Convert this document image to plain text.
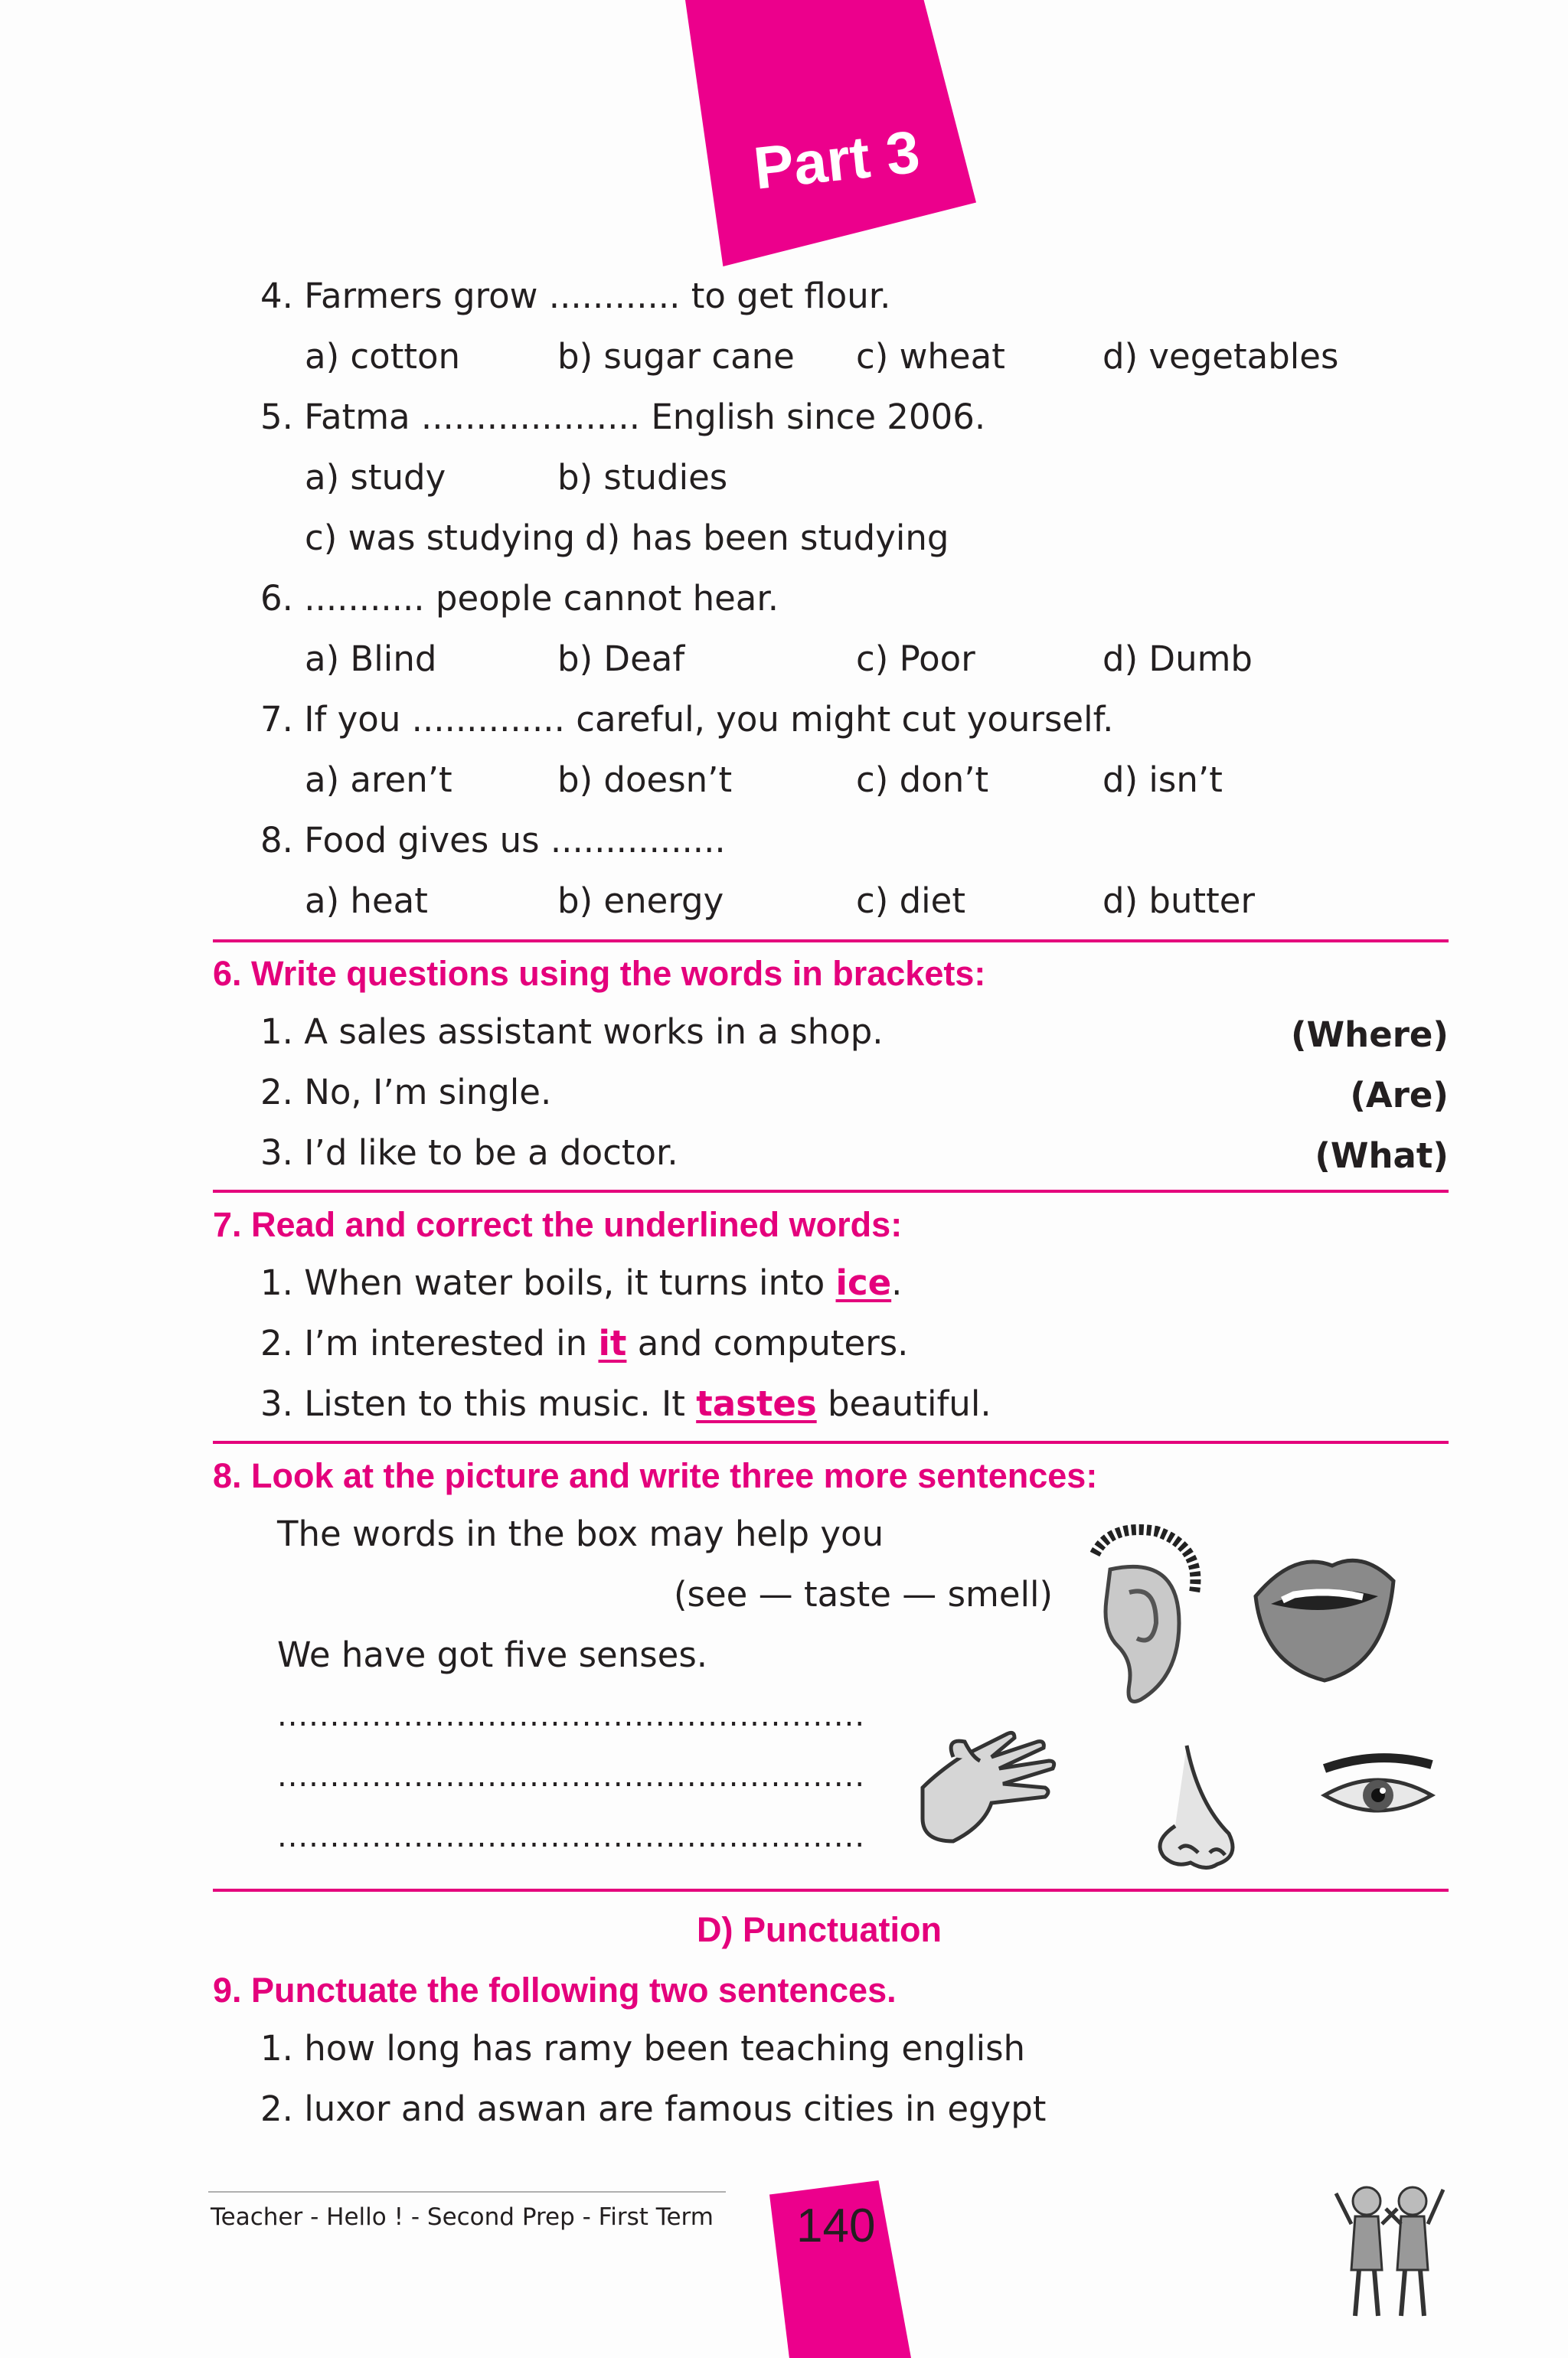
Part 3
4. Farmers grow ............ to get flour.
a) cotton	b) sugar cane c) wheat	d) vegetables
5. Fatma .................... English since 2006.
a) study	b) studies
c) was studying d) has been studying
6. ........... people cannot hear.
a) Blind	b) Deaf	c) Poor	d) Dumb
7. If you .............. careful, you might cut yourself.
a) aren’t	b) doesn’t	c) don’t	d) isn’t
8. Food gives us ................
a) heat	b) energy	c) diet	d) butter
6. Write questions using the words in brackets:
1. A sales assistant works in a shop.	(Where)
2. No, I’m single.	(Are)
3. I’d like to be a doctor.	(What)
7. Read and correct the underlined words:
1. When water boils, it turns into ice.
2. I’m interested in it and computers.
3. Listen to this music. It tastes beautiful.
8. Look at the picture and write three more sentences:
The words in the box may help you
(see — taste — smell)
We have got five senses.
........................................................
........................................................
........................................................
D) Punctuation
9. Punctuate the following two sentences.
1. how long has ramy been teaching english
2. luxor and aswan are famous cities in egypt
Teacher - Hello ! - Second Prep - First Term 140
